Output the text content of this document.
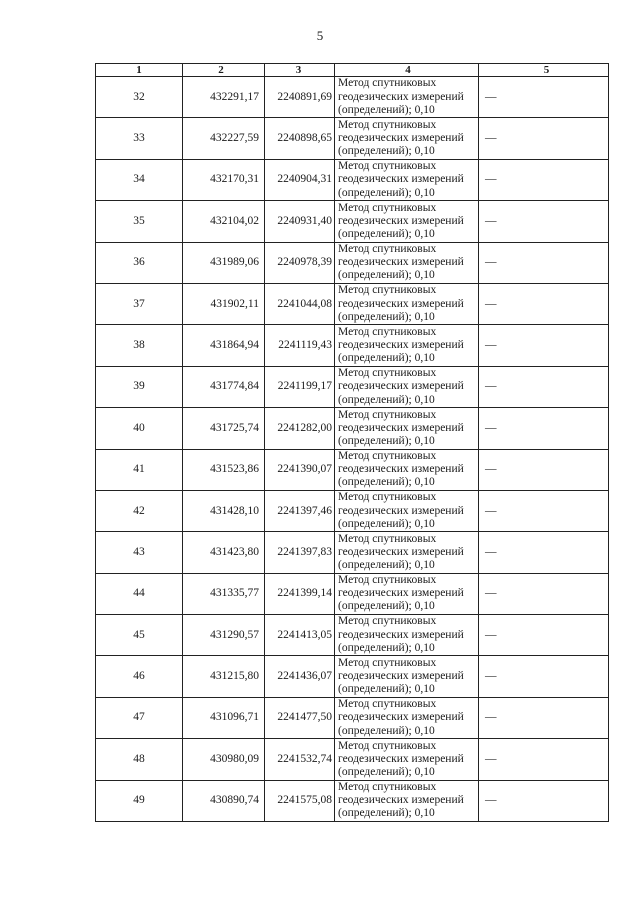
5
1	2	3	4	5
32	432291,17	2240891,69	Метод спутниковых геодезических измерений (определений); 0,10	—
33	432227,59	2240898,65	Метод спутниковых геодезических измерений (определений); 0,10	—
34	432170,31	2240904,31	Метод спутниковых геодезических измерений (определений); 0,10	—
35	432104,02	2240931,40	Метод спутниковых геодезических измерений (определений); 0,10	—
36	431989,06	2240978,39	Метод спутниковых геодезических измерений (определений); 0,10	—
37	431902,11	2241044,08	Метод спутниковых геодезических измерений (определений); 0,10	—
38	431864,94	2241119,43	Метод спутниковых геодезических измерений (определений); 0,10	—
39	431774,84	2241199,17	Метод спутниковых геодезических измерений (определений); 0,10	—
40	431725,74	2241282,00	Метод спутниковых геодезических измерений (определений); 0,10	—
41	431523,86	2241390,07	Метод спутниковых геодезических измерений (определений); 0,10	—
42	431428,10	2241397,46	Метод спутниковых геодезических измерений (определений); 0,10	—
43	431423,80	2241397,83	Метод спутниковых геодезических измерений (определений); 0,10	—
44	431335,77	2241399,14	Метод спутниковых геодезических измерений (определений); 0,10	—
45	431290,57	2241413,05	Метод спутниковых геодезических измерений (определений); 0,10	—
46	431215,80	2241436,07	Метод спутниковых геодезических измерений (определений); 0,10	—
47	431096,71	2241477,50	Метод спутниковых геодезических измерений (определений); 0,10	—
48	430980,09	2241532,74	Метод спутниковых геодезических измерений (определений); 0,10	—
49	430890,74	2241575,08	Метод спутниковых геодезических измерений (определений); 0,10	—
